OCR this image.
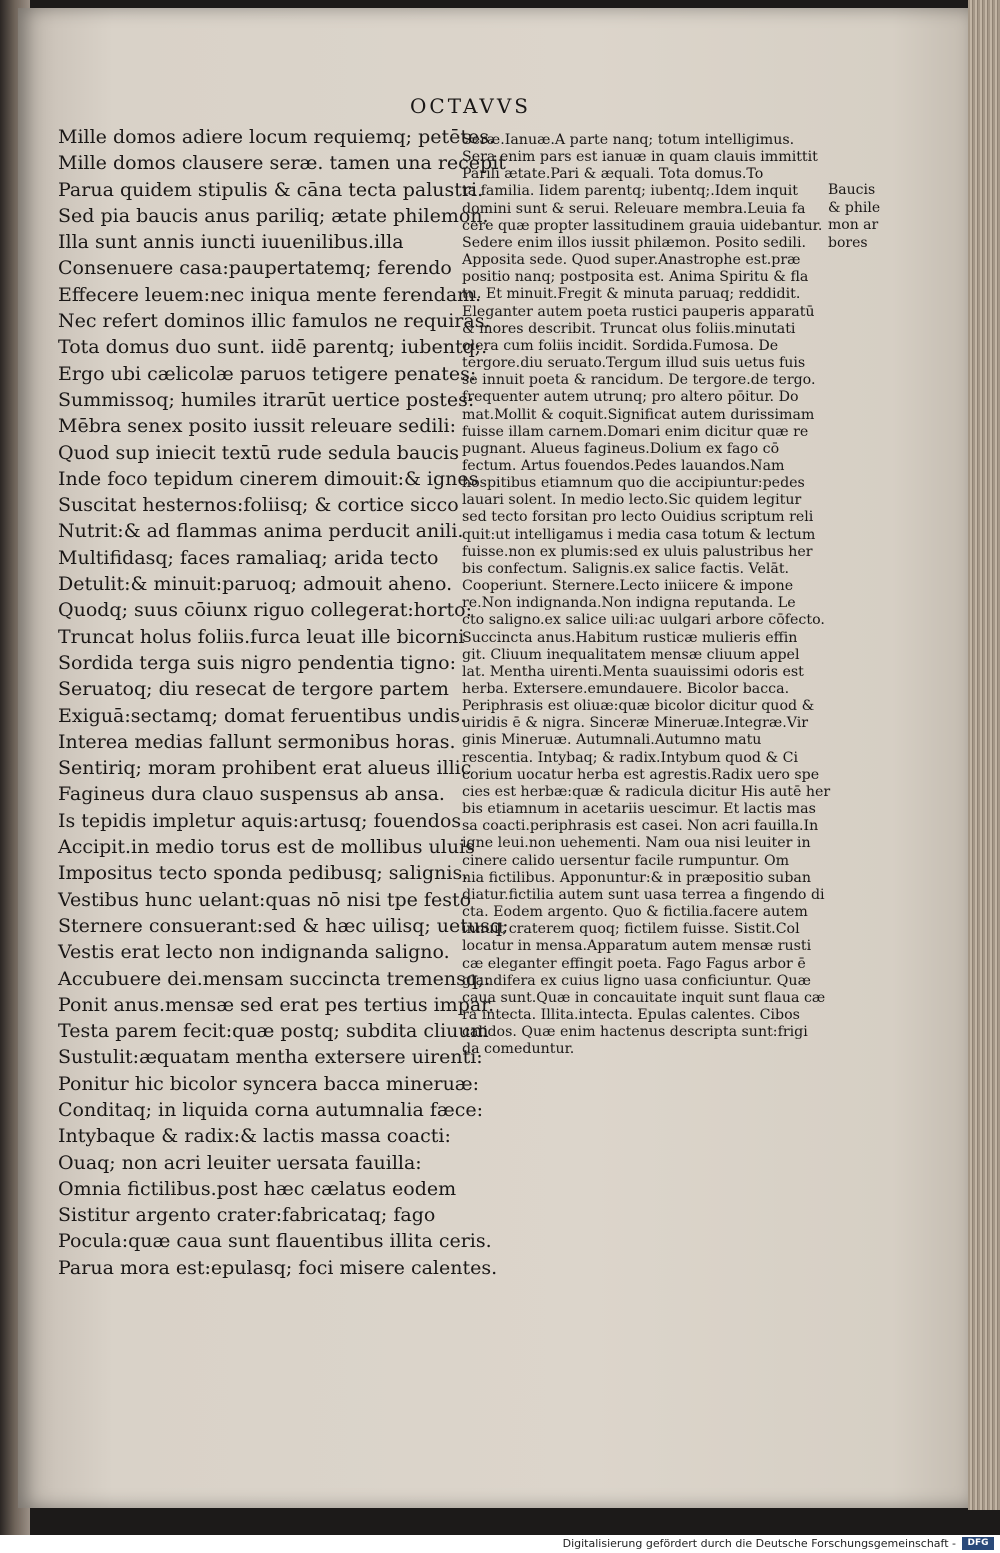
OCTAVVS
Mille domos adiere locum requiemq; petētes.
Mille domos clausere seræ. tamen una recepit
Parua quidem stipulis & cāna tecta palustri.
Sed pia baucis anus pariliq; ætate philemon.
Illa sunt annis iuncti iuuenilibus.illa
Consenuere casa:paupertatemq; ferendo
Effecere leuem:nec iniqua mente ferendam.
Nec refert dominos illic famulos ne requiras.
Tota domus duo sunt. iidē parentq; iubentq;.
Ergo ubi cælicolæ paruos tetigere penates:
Summissoq; humiles itrarūt uertice postes:
Mēbra senex posito iussit releuare sedili:
Quod sup iniecit textū rude sedula baucis
Inde foco tepidum cinerem dimouit:& ignes
Suscitat hesternos:foliisq; & cortice sicco
Nutrit:& ad flammas anima perducit anili.
Multifidasq; faces ramaliaq; arida tecto
Detulit:& minuit:paruoq; admouit aheno.
Quodq; suus cōiunx riguo collegerat:horto:
Truncat holus foliis.furca leuat ille bicorni
Sordida terga suis nigro pendentia tigno:
Seruatoq; diu resecat de tergore partem
Exiguā:sectamq; domat feruentibus undis.
Interea medias fallunt sermonibus horas.
Sentiriq; moram prohibent erat alueus illic
Fagineus dura clauo suspensus ab ansa.
Is tepidis impletur aquis:artusq; fouendos
Accipit.in medio torus est de mollibus uluis
Impositus tecto sponda pedibusq; salignis.
Vestibus hunc uelant:quas nō nisi tpe festo
Sternere consuerant:sed & hæc uilisq; uetusq;
Vestis erat lecto non indignanda saligno.
Accubuere dei.mensam succincta tremensq;.
Ponit anus.mensæ sed erat pes tertius impar.
Testa parem fecit:quæ postq; subdita cliuum
Sustulit:æquatam mentha extersere uirenti:
Ponitur hic bicolor syncera bacca mineruæ:
Conditaq; in liquida corna autumnalia fæce:
Intybaque & radix:& lactis massa coacti:
Ouaq; non acri leuiter uersata fauilla:
Omnia fictilibus.post hæc cælatus eodem
Sistitur argento crater:fabricataq; fago
Pocula:quæ caua sunt flauentibus illita ceris.
Parua mora est:epulasq; foci misere calentes.
Seræ.Ianuæ.A parte nanq; totum intelligimus.
Sera enim pars est ianuæ in quam clauis immittit
Parili ætate.Pari & æquali. Tota domus.To
ta familia. Iidem parentq; iubentq;.Idem inquit
domini sunt & serui. Releuare membra.Leuia fa
cere quæ propter lassitudinem grauia uidebantur.
Sedere enim illos iussit philæmon. Posito sedili.
Apposita sede. Quod super.Anastrophe est.præ
positio nanq; postposita est. Anima Spiritu & fla
tu. Et minuit.Fregit & minuta paruaq; reddidit.
Eleganter autem poeta rustici pauperis apparatū
& mores describit. Truncat olus foliis.minutati
olera cum foliis incidit. Sordida.Fumosa. De
tergore.diu seruato.Tergum illud suis uetus fuis
se innuit poeta & rancidum. De tergore.de tergo.
frequenter autem utrunq; pro altero pōitur. Do
mat.Mollit & coquit.Significat autem durissimam
fuisse illam carnem.Domari enim dicitur quæ re
pugnant. Alueus fagineus.Dolium ex fago cō
fectum. Artus fouendos.Pedes lauandos.Nam
hospitibus etiamnum quo die accipiuntur:pedes
lauari solent. In medio lecto.Sic quidem legitur
sed tecto forsitan pro lecto Ouidius scriptum reli
quit:ut intelligamus i media casa totum & lectum
fuisse.non ex plumis:sed ex uluis palustribus her
bis confectum. Salignis.ex salice factis. Velāt.
Cooperiunt. Sternere.Lecto iniicere & impone
re.Non indignanda.Non indigna reputanda. Le
cto saligno.ex salice uili:ac uulgari arbore cōfecto.
Succincta anus.Habitum rusticæ mulieris effin
git. Cliuum inequalitatem mensæ cliuum appel
lat. Mentha uirenti.Menta suauissimi odoris est
herba. Extersere.emundauere. Bicolor bacca.
Periphrasis est oliuæ:quæ bicolor dicitur quod &
uiridis ē & nigra. Sinceræ Mineruæ.Integræ.Vir
ginis Mineruæ. Autumnali.Autumno matu
rescentia. Intybaq; & radix.Intybum quod & Ci
corium uocatur herba est agrestis.Radix uero spe
cies est herbæ:quæ & radicula dicitur His autē her
bis etiamnum in acetariis uescimur. Et lactis mas
sa coacti.periphrasis est casei. Non acri fauilla.In
igne leui.non uehementi. Nam oua nisi leuiter in
cinere calido uersentur facile rumpuntur. Om
nia fictilibus. Apponuntur:& in præpositio suban
diatur.fictilia autem sunt uasa terrea a fingendo di
cta. Eodem argento. Quo & fictilia.facere autem
innuit craterem quoq; fictilem fuisse. Sistit.Col
locatur in mensa.Apparatum autem mensæ rusti
cæ eleganter effingit poeta. Fago Fagus arbor ē
glandifera ex cuius ligno uasa conficiuntur. Quæ
caua sunt.Quæ in concauitate inquit sunt flaua cæ
ra intecta. Illita.intecta. Epulas calentes. Cibos
calidos. Quæ enim hactenus descripta sunt:frigi
da comeduntur.
Baucis
& phile
mon ar
bores
Digitalisierung gefördert durch die Deutsche Forschungsgemeinschaft -	DFG
